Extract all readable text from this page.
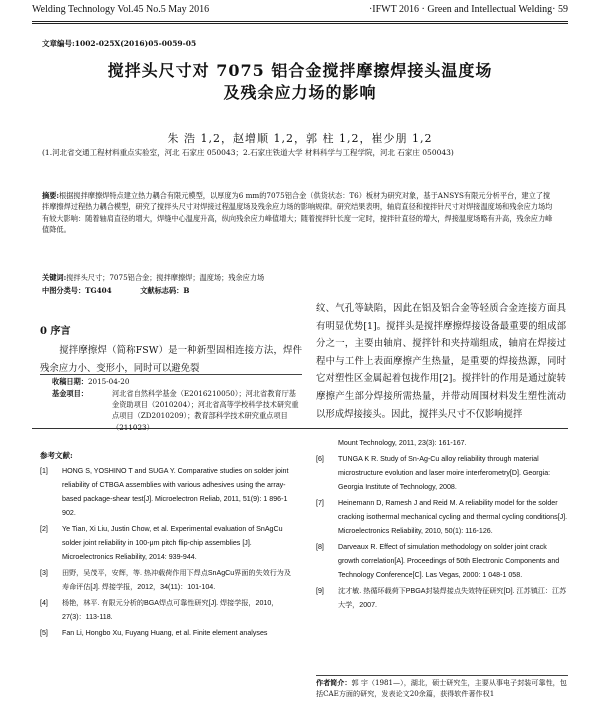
Welding Technology Vol.45 No.5 May 2016	·IFWT 2016 · Green and Intellectual Welding· 59
文章编号:1002-025X(2016)05-0059-05
搅拌头尺寸对 7075 铝合金搅拌摩擦焊接头温度场
及残余应力场的影响
朱 浩 1,2，赵增顺 1,2，郭 柱 1,2，崔少朋 1,2
(1.河北省交通工程材料重点实验室，河北 石家庄 050043；2.石家庄铁道大学 材料科学与工程学院，河北 石家庄 050043)
摘要:根据搅拌摩擦焊特点建立热力耦合有限元模型，以厚度为6 mm的7075铝合金（供货状态：T6）板材为研究对象，基于ANSYS有限元分析平台，建立了搅拌摩擦焊过程热力耦合模型，研究了搅拌头尺寸对焊接过程温度场及残余应力场的影响规律。研究结果表明，轴肩直径和搅拌针尺寸对焊接温度场和残余应力场均有较大影响：随着轴肩直径的增大，焊缝中心温度升高，纵向残余应力峰值增大；随着搅拌针长度一定时，搅拌针直径的增大，焊接温度场略有升高，残余应力峰值降低。
关键词:搅拌头尺寸；7075铝合金；搅拌摩擦焊；温度场；残余应力场
中图分类号：TG404	文献标志码：B
0 序言
搅拌摩擦焊（简称FSW）是一种新型固相连接方法，焊件残余应力小、变形小，同时可以避免裂
收稿日期：2015-04-20
基金项目：	河北省自然科学基金（E2016210050）；河北省教育厅基金资助项目（2010204）；河北省高等学校科学技术研究重点项目（ZD2010209）；教育部科学技术研究重点项目（211023）
纹、气孔等缺陷，因此在铝及铝合金等轻质合金连接方面具有明显优势[1]。搅拌头是搅拌摩擦焊接设备最重要的组成部分之一，主要由轴肩、搅拌针和夹持端组成，轴肩在焊接过程中与工件上表面摩擦产生热量，是重要的焊接热源，同时它对塑性区金属起着包拢作用[2]。搅拌针的作用是通过旋转摩擦产生部分焊接所需热量，并带动周围材料发生塑性流动以形成焊接接头。因此，搅拌头尺寸不仅影响搅拌
参考文献:
[1]	HONG S, YOSHINO T and SUGA Y. Comparative studies on solder joint reliability of CTBGA assemblies with various adhesives using the array-based package-shear test[J]. Microelectron Reliab, 2011, 51(9): 1 896-1 902.
[2]	Ye Tian, Xi Liu, Justin Chow, et al. Experimental evaluation of SnAgCu solder joint reliability in 100-μm pitch flip-chip assemblies [J]. Microelectronics Reliability, 2014: 939-944.
[3]	田野，吴茂平，安辉，等. 热冲载荷作用下焊点SnAgCu界面的失效行为及寿命评估[J]. 焊接学报，2012，34(11)：101-104.
[4]	杨艳，林平. 有限元分析的BGA焊点可靠性研究[J]. 焊接学报，2010，27(3)：113-118.
[5]	Fan Li, Hongbo Xu, Fuyang Huang, et al. Finite element analyses
Mount Technology, 2011, 23(3): 161-167.
[6]	TUNGA K R. Study of Sn-Ag-Cu alloy reliability through material microstructure evolution and laser moire interferometry[D]. Georgia: Georgia Institute of Technology, 2008.
[7]	Heinemann D, Ramesh J and Reid M. A reliability model for the solder cracking isothermal mechanical cycling and thermal cycling conditions[J]. Microelectronics Reliability, 2010, 50(1): 116-126.
[8]	Darveaux R. Effect of simulation methodology on solder joint crack growth correlation[A]. Proceedings of 50th Electronic Components and Technology Conference[C]. Las Vegas, 2000: 1 048-1 058.
[9]	沈才敏. 热循环载荷下PBGA封装焊接点失效特征研究[D]. 江苏镇江：江苏大学，2007.
作者简介：郭 宇（1981—），湖北，硕士研究生，主要从事电子封装可靠性，包括CAE方面的研究，发表论文20余篇，获得软件著作权1
